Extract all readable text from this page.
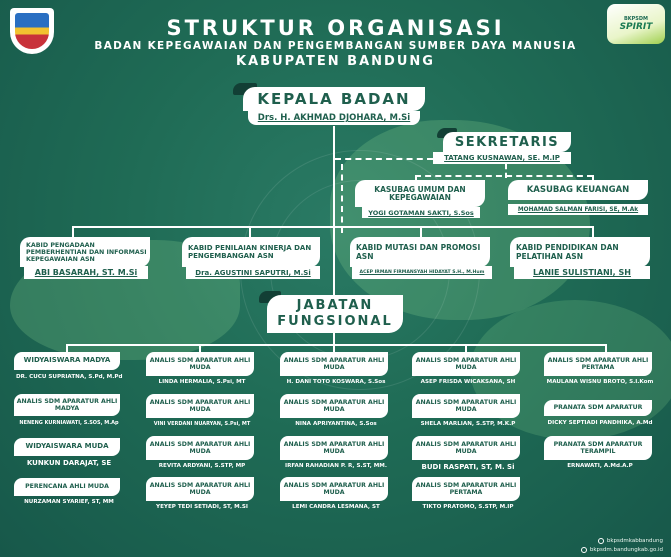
BKPSDM
SPIRIT
STRUKTUR ORGANISASI
BADAN KEPEGAWAIAN DAN PENGEMBANGAN SUMBER DAYA MANUSIA
KABUPATEN BANDUNG
KEPALA BADAN
Drs. H. AKHMAD DJOHARA, M.Si
SEKRETARIS
TATANG KUSNAWAN, SE. M.IP
KASUBAG UMUM DAN KEPEGAWAIAN
YOGI GOTAMAN SAKTI, S.Sos
KASUBAG KEUANGAN
MOHAMAD SALMAN FARISI, SE, M.Ak
KABID PENGADAAN PEMBERHENTIAN DAN INFORMASI KEPEGAWAIAN ASN
ABI BASARAH, ST. M.Si
KABID PENILAIAN KINERJA DAN PENGEMBANGAN ASN
Dra. AGUSTINI SAPUTRI, M.Si
KABID MUTASI DAN PROMOSI ASN
ACEP IRMAN FIRMANSYAH HIDAYAT S.H., M.Hum
KABID PENDIDIKAN DAN PELATIHAN ASN
LANIE SULISTIANI, SH
JABATAN
FUNGSIONAL
WIDYAISWARA MADYA
DR. CUCU SUPRIATNA, S.Pd, M.Pd
ANALIS SDM APARATUR AHLI MADYA
NENENG KURNIAWATI, S.SOS, M.Ap
WIDYAISWARA MUDA
KUNKUN DARAJAT, SE
PERENCANA AHLI MUDA
NURZAMAN SYARIEF, ST, MM
ANALIS SDM APARATUR AHLI MUDA
LINDA HERMALIA, S.Psi, MT
ANALIS SDM APARATUR AHLI MUDA
VINI VERDANI NUARYAN, S.Psi, MT
ANALIS SDM APARATUR AHLI MUDA
REVITA ARDYANI, S.STP, MP
ANALIS SDM APARATUR AHLI MUDA
YEYEP TEDI SETIADI, ST, M.SI
ANALIS SDM APARATUR AHLI MUDA
H. DANI TOTO KOSWARA, S.Sos
ANALIS SDM APARATUR AHLI MUDA
NINA APRIYANTINA, S.Sos
ANALIS SDM APARATUR AHLI MUDA
IRFAN RAHADIAN P. R, S.ST, MM.
ANALIS SDM APARATUR AHLI MUDA
LEMI CANDRA LESMANA, ST
ANALIS SDM APARATUR AHLI MUDA
ASEP FRISDA WICAKSANA, SH
ANALIS SDM APARATUR AHLI MUDA
SHELA MARLIAN, S.STP, M.K.P
ANALIS SDM APARATUR AHLI MUDA
BUDI RASPATI, ST, M. Si
ANALIS SDM APARATUR AHLI PERTAMA
TIKTO PRATOMO, S.STP, M.IP
ANALIS SDM APARATUR AHLI PERTAMA
MAULANA WISNU BROTO, S.I.Kom
PRANATA SDM APARATUR
DICKY SEPTIADI PANDHIKA, A.Md
PRANATA SDM APARATUR TERAMPIL
ERNAWATI, A.Md.A.P
bkpsdmkabbandung
bkpsdm.bandungkab.go.id
